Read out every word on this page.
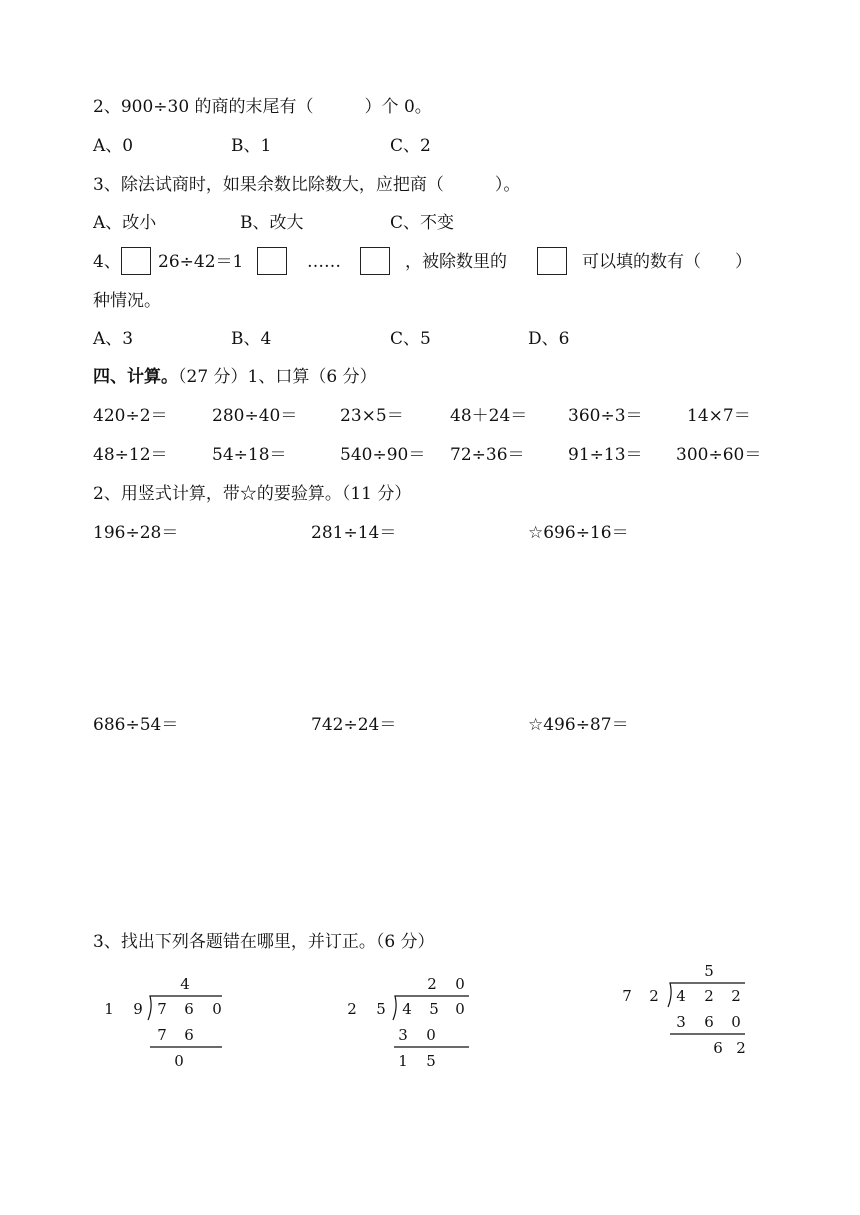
2、900÷30 的商的末尾有（　　　）个 0。
A、0	B、1	C、2
3、除法试商时，如果余数比除数大，应把商（　　　）。
A、改小	B、改大	C、不变
4、 26÷42＝1	……	，被除数里的	可以填的数有（　　）
种情况。
A、3	B、4	C、5	D、6
四、计算。（27 分）1、口算（6 分）
420÷2＝	280÷40＝	23×5＝	48＋24＝ 360÷3＝	14×7＝
48÷12＝	54÷18＝	540÷90＝ 72÷36＝	91÷13＝ 300÷60＝
2、用竖式计算，带☆的要验算。（11 分）
196÷28＝	281÷14＝	☆696÷16＝
686÷54＝	742÷24＝	☆496÷87＝
3、找出下列各题错在哪里，并订正。（6 分）
4
1 9 7 6 0
7 6
0
2 0
2 5 4 5 0
3 0
1 5
5
7 2 4 2 2
3 6 0
6 2
